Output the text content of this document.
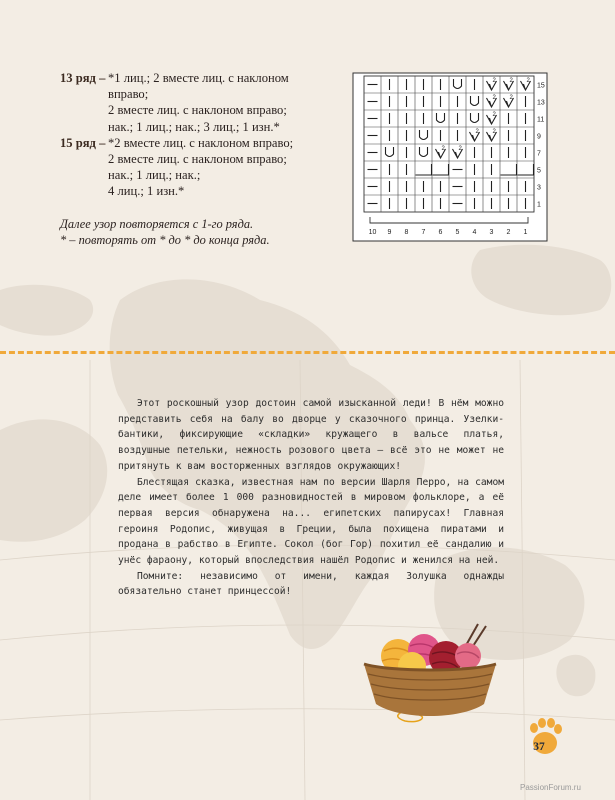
13 ряд – *1 лиц.; 2 вместе лиц. с наклоном
вправо;
2 вместе лиц. с наклоном вправо;
нак.; 1 лиц.; нак.; 3 лиц.; 1 изн.*
15 ряд – *2 вместе лиц. с наклоном вправо;
2 вместе лиц. с наклоном вправо;
нак.; 1 лиц.; нак.;
4 лиц.; 1 изн.*
Далее узор повторяется с 1-го ряда.
* – повторять от * до * до конца ряда.
2 2 2
2 2
2
2 2
2 2
15
13
11
9
7
5
3
1
10 9 8 7 6 5 4 3 2 1

Этот роскошный узор достоин самой изысканной леди! В нём можно представить себя на балу во дворце у сказочного принца. Узелки-бантики, фиксирующие «складки» кружащего в вальсе платья, воздушные петельки, нежность розового цвета – всё это не может не притянуть к вам восторженных взглядов окружающих!

Блестящая сказка, известная нам по версии Шарля Перро, на самом деле имеет более 1 000 разновидностей в мировом фольклоре, а её первая версия обнаружена на... египетских папирусах! Главная героиня Родопис, живущая в Греции, была похищена пиратами и продана в рабство в Египте. Сокол (бог Гор) похитил её сандалию и унёс фараону, который впоследствия нашёл Родопис и женился на ней.

Помните: независимо от имени, каждая Золушка однажды обязательно станет принцессой!

37
PassionForum.ru
